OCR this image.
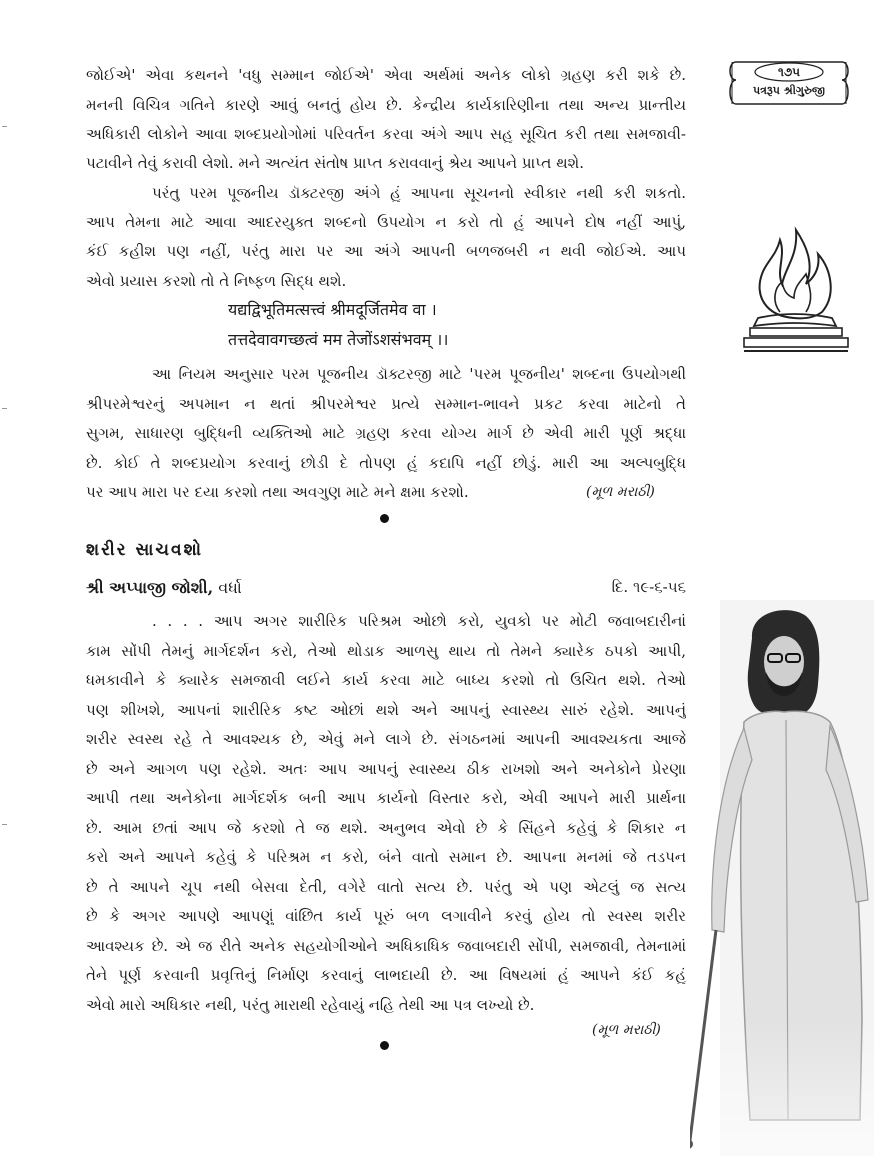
૧૭૫
પત્રરૂપ શ્રીગુરુજી

જોઈએ' એવા કથનને 'વધુ સમ્માન જોઈએ' એવા અર્થમાં અનેક લોકો ગ્રહણ કરી શકે છે.

મનની વિચિત્ર ગતિને કારણે આવું બનતું હોય છે. કેન્દ્રીય કાર્યકારિણીના તથા અન્ય પ્રાન્તીય

અધિકારી લોકોને આવા શબ્દપ્રયોગોમાં પરિવર્તન કરવા અંગે આપ સહુ સૂચિત કરી તથા સમજાવી-

પટાવીને તેવું કરાવી લેશો. મને અત્યંત સંતોષ પ્રાપ્ત કરાવવાનું શ્રેય આપને પ્રાપ્ત થશે.

પરંતુ પરમ પૂજનીય ડૉક્ટરજી અંગે હું આપના સૂચનનો સ્વીકાર નથી કરી શકતો.

આપ તેમના માટે આવા આદરયુક્ત શબ્દનો ઉપયોગ ન કરો તો હું આપને દોષ નહીં આપું,

કંઈ કહીશ પણ નહીં, પરંતુ મારા પર આ અંગે આપની બળજબરી ન થવી જોઈએ. આપ

એવો પ્રયાસ કરશો તો તે નિષ્ફળ સિદ્ધ થશે.

यद्यद्विभूतिमत्सत्त्वं श्रीमदूर्जितमेव वा ।

तत्तदेवावगच्छत्वं मम तेजोंऽशसंभवम् ।।

આ નિયમ અનુસાર પરમ પૂજનીય ડૉક્ટરજી માટે 'પરમ પૂજનીય' શબ્દના ઉપયોગથી

શ્રીપરમેશ્વરનું અપમાન ન થતાં શ્રીપરમેશ્વર પ્રત્યે સમ્માન-ભાવને પ્રકટ કરવા માટેનો તે

સુગમ, સાધારણ બુદ્ધિની વ્યક્તિઓ માટે ગ્રહણ કરવા યોગ્ય માર્ગ છે એવી મારી પૂર્ણ શ્રદ્ધા

છે. કોઈ તે શબ્દપ્રયોગ કરવાનું છોડી દે તોપણ હું કદાપિ નહીં છોડું. મારી આ અલ્પબુદ્ધિ

પર આપ મારા પર દયા કરશો તથા અવગુણ માટે મને ક્ષમા કરશો.	(મૂળ મરાઠી)
શરીર સાચવશો
શ્રી અપ્પાજી જોશી, વર્ધા	દિ. ૧૯-૬-૫૬

. . . . આપ અગર શારીરિક પરિશ્રમ ઓછો કરો, યુવકો પર મોટી જવાબદારીનાં

કામ સોંપી તેમનું માર્ગદર્શન કરો, તેઓ થોડાક આળસુ થાય તો તેમને ક્યારેક ઠપકો આપી,

ધમકાવીને કે ક્યારેક સમજાવી લઈને કાર્ય કરવા માટે બાધ્ય કરશો તો ઉચિત થશે. તેઓ

પણ શીખશે, આપનાં શારીરિક કષ્ટ ઓછાં થશે અને આપનું સ્વાસ્થ્ય સારું રહેશે. આપનું

શરીર સ્વસ્થ રહે તે આવશ્યક છે, એવું મને લાગે છે. સંગઠનમાં આપની આવશ્યકતા આજે

છે અને આગળ પણ રહેશે. અતઃ આપ આપનું સ્વાસ્થ્ય ઠીક રાખશો અને અનેકોને પ્રેરણા

આપી તથા અનેકોના માર્ગદર્શક બની આપ કાર્યનો વિસ્તાર કરો, એવી આપને મારી પ્રાર્થના

છે. આમ છતાં આપ જે કરશો તે જ થશે. અનુભવ એવો છે કે સિંહને કહેવું કે શિકાર ન

કરો અને આપને કહેવું કે પરિશ્રમ ન કરો, બંને વાતો સમાન છે. આપના મનમાં જે તડપન

છે તે આપને ચૂપ નથી બેસવા દેતી, વગેરે વાતો સત્ય છે. પરંતુ એ પણ એટલું જ સત્ય

છે કે અગર આપણે આપણું વાંછિત કાર્ય પૂરું બળ લગાવીને કરવું હોય તો સ્વસ્થ શરીર

આવશ્યક છે. એ જ રીતે અનેક સહયોગીઓને અધિકાધિક જવાબદારી સોંપી, સમજાવી, તેમનામાં

તેને પૂર્ણ કરવાની પ્રવૃત્તિનું નિર્માણ કરવાનું લાભદાયી છે. આ વિષયમાં હું આપને કંઈ કહું

એવો મારો અધિકાર નથી, પરંતુ મારાથી રહેવાયું નહિ તેથી આ પત્ર લખ્યો છે.

(મૂળ મરાઠી)
